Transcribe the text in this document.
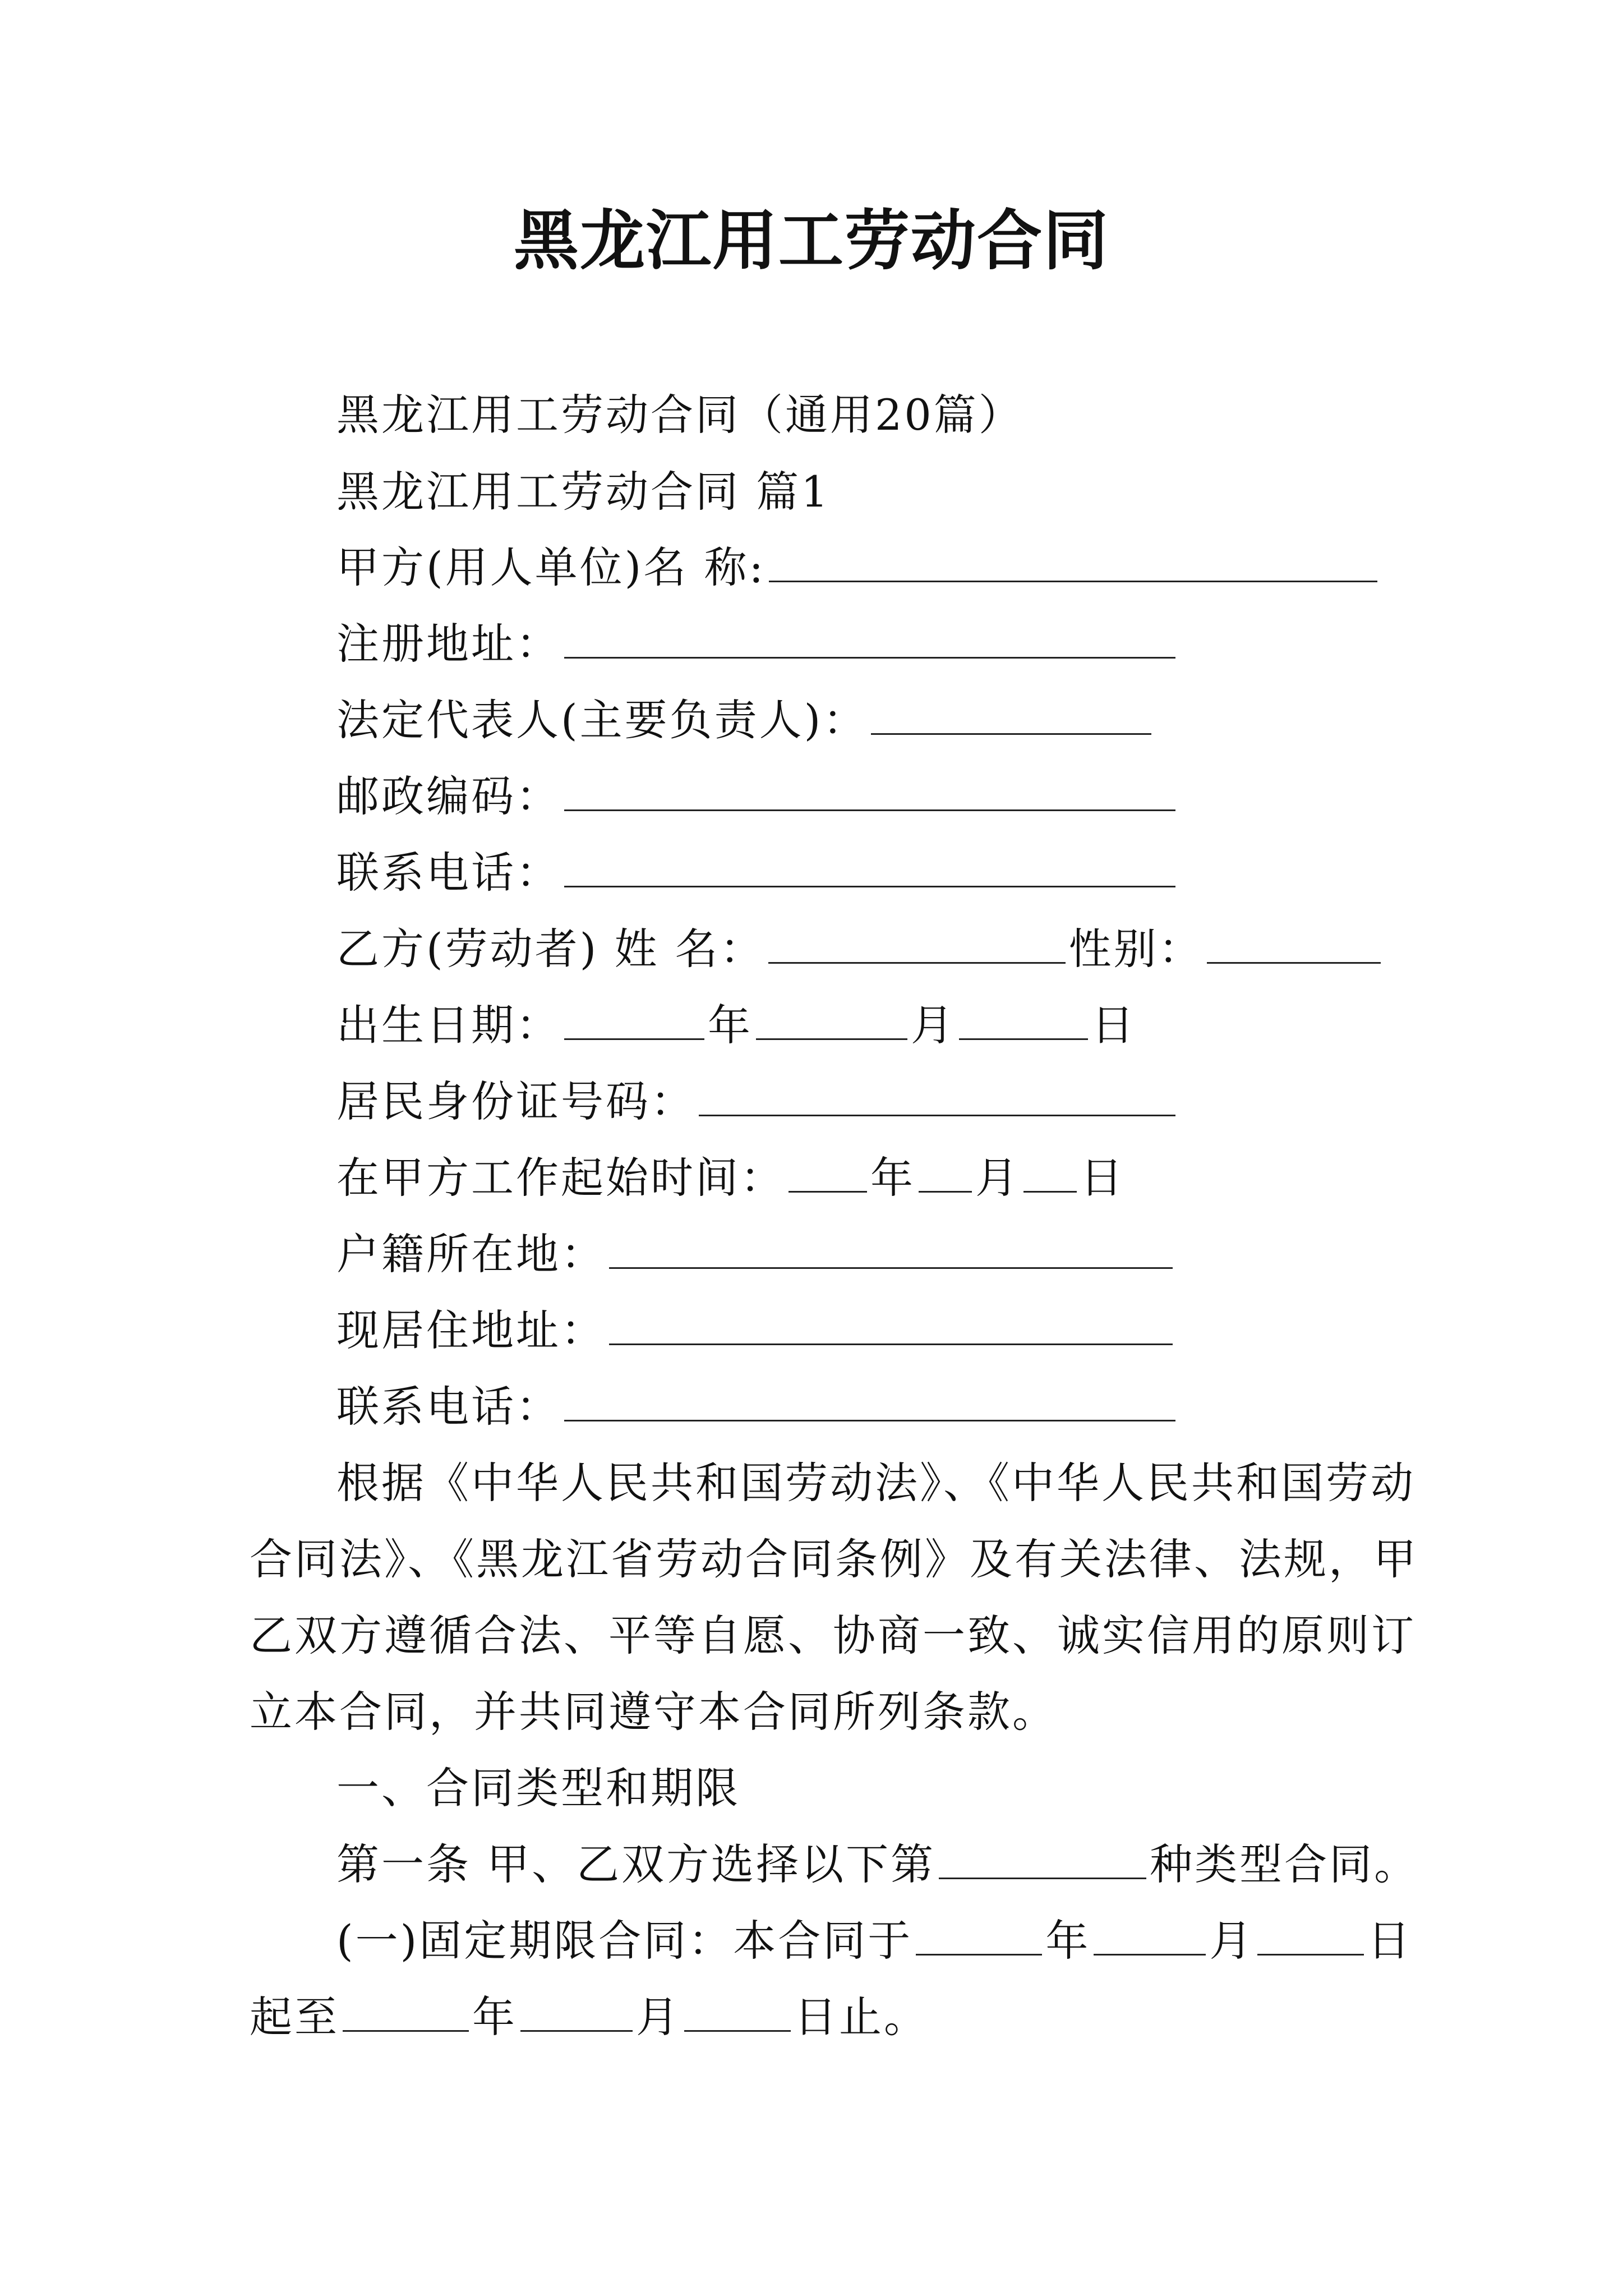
黑龙江用工劳动合同
黑龙江用工劳动合同（通用20篇）
黑龙江用工劳动合同 篇1
甲方(用人单位)名 称:
注册地址：
法定代表人(主要负责人)：
邮政编码：
联系电话：
乙方(劳动者) 姓 名：	性别：
出生日期：	年	月	日
居民身份证号码：
在甲方工作起始时间： 年 月 日
户籍所在地：
现居住地址：
联系电话：
根据《中华人民共和国劳动法》、《中华人民共和国劳动
合同法》、《黑龙江省劳动合同条例》及有关法律、法规，甲
乙双方遵循合法、平等自愿、协商一致、诚实信用的原则订
立本合同，并共同遵守本合同所列条款。
一、合同类型和期限
第一条 甲、乙双方选择以下第	种类型合同。
(一)固定期限合同：本合同于	年	月	日
起至	年	月	日止。
